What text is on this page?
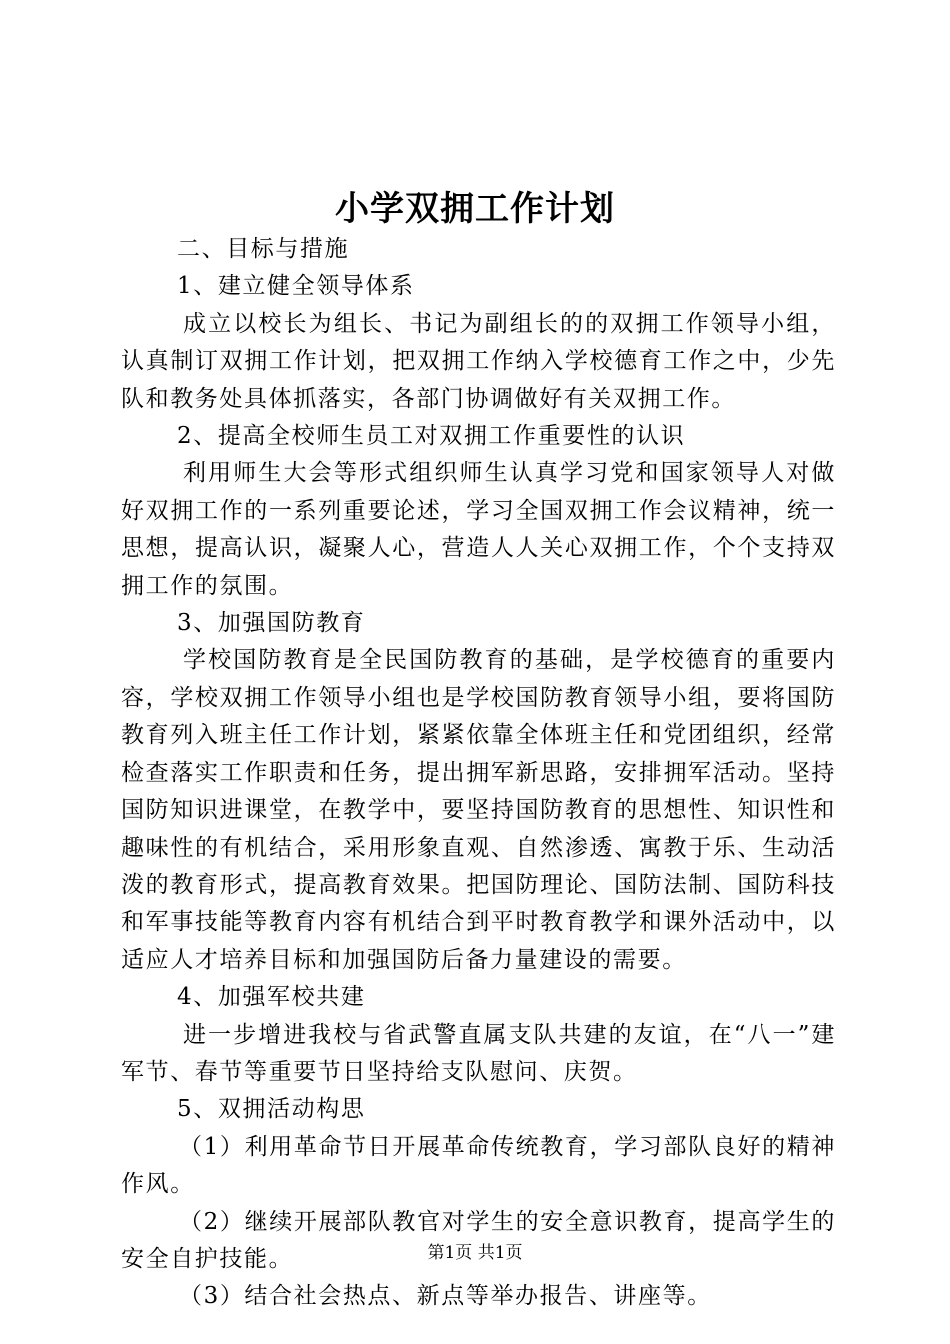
小学双拥工作计划

二、目标与措施

1、建立健全领导体系

成立以校长为组长、书记为副组长的的双拥工作领导小组，认真制订双拥工作计划，把双拥工作纳入学校德育工作之中，少先队和教务处具体抓落实，各部门协调做好有关双拥工作。

2、提高全校师生员工对双拥工作重要性的认识

利用师生大会等形式组织师生认真学习党和国家领导人对做好双拥工作的一系列重要论述，学习全国双拥工作会议精神，统一思想，提高认识，凝聚人心，营造人人关心双拥工作，个个支持双拥工作的氛围。

3、加强国防教育

学校国防教育是全民国防教育的基础，是学校德育的重要内容，学校双拥工作领导小组也是学校国防教育领导小组，要将国防教育列入班主任工作计划，紧紧依靠全体班主任和党团组织，经常检查落实工作职责和任务，提出拥军新思路，安排拥军活动。坚持国防知识进课堂，在教学中，要坚持国防教育的思想性、知识性和趣味性的有机结合，采用形象直观、自然渗透、寓教于乐、生动活泼的教育形式，提高教育效果。把国防理论、国防法制、国防科技和军事技能等教育内容有机结合到平时教育教学和课外活动中，以适应人才培养目标和加强国防后备力量建设的需要。

4、加强军校共建

进一步增进我校与省武警直属支队共建的友谊，在“八一”建军节、春节等重要节日坚持给支队慰问、庆贺。

5、双拥活动构思

（1）利用革命节日开展革命传统教育，学习部队良好的精神作风。

（2）继续开展部队教官对学生的安全意识教育，提高学生的安全自护技能。

（3）结合社会热点、新点等举办报告、讲座等。

第1页 共1页
